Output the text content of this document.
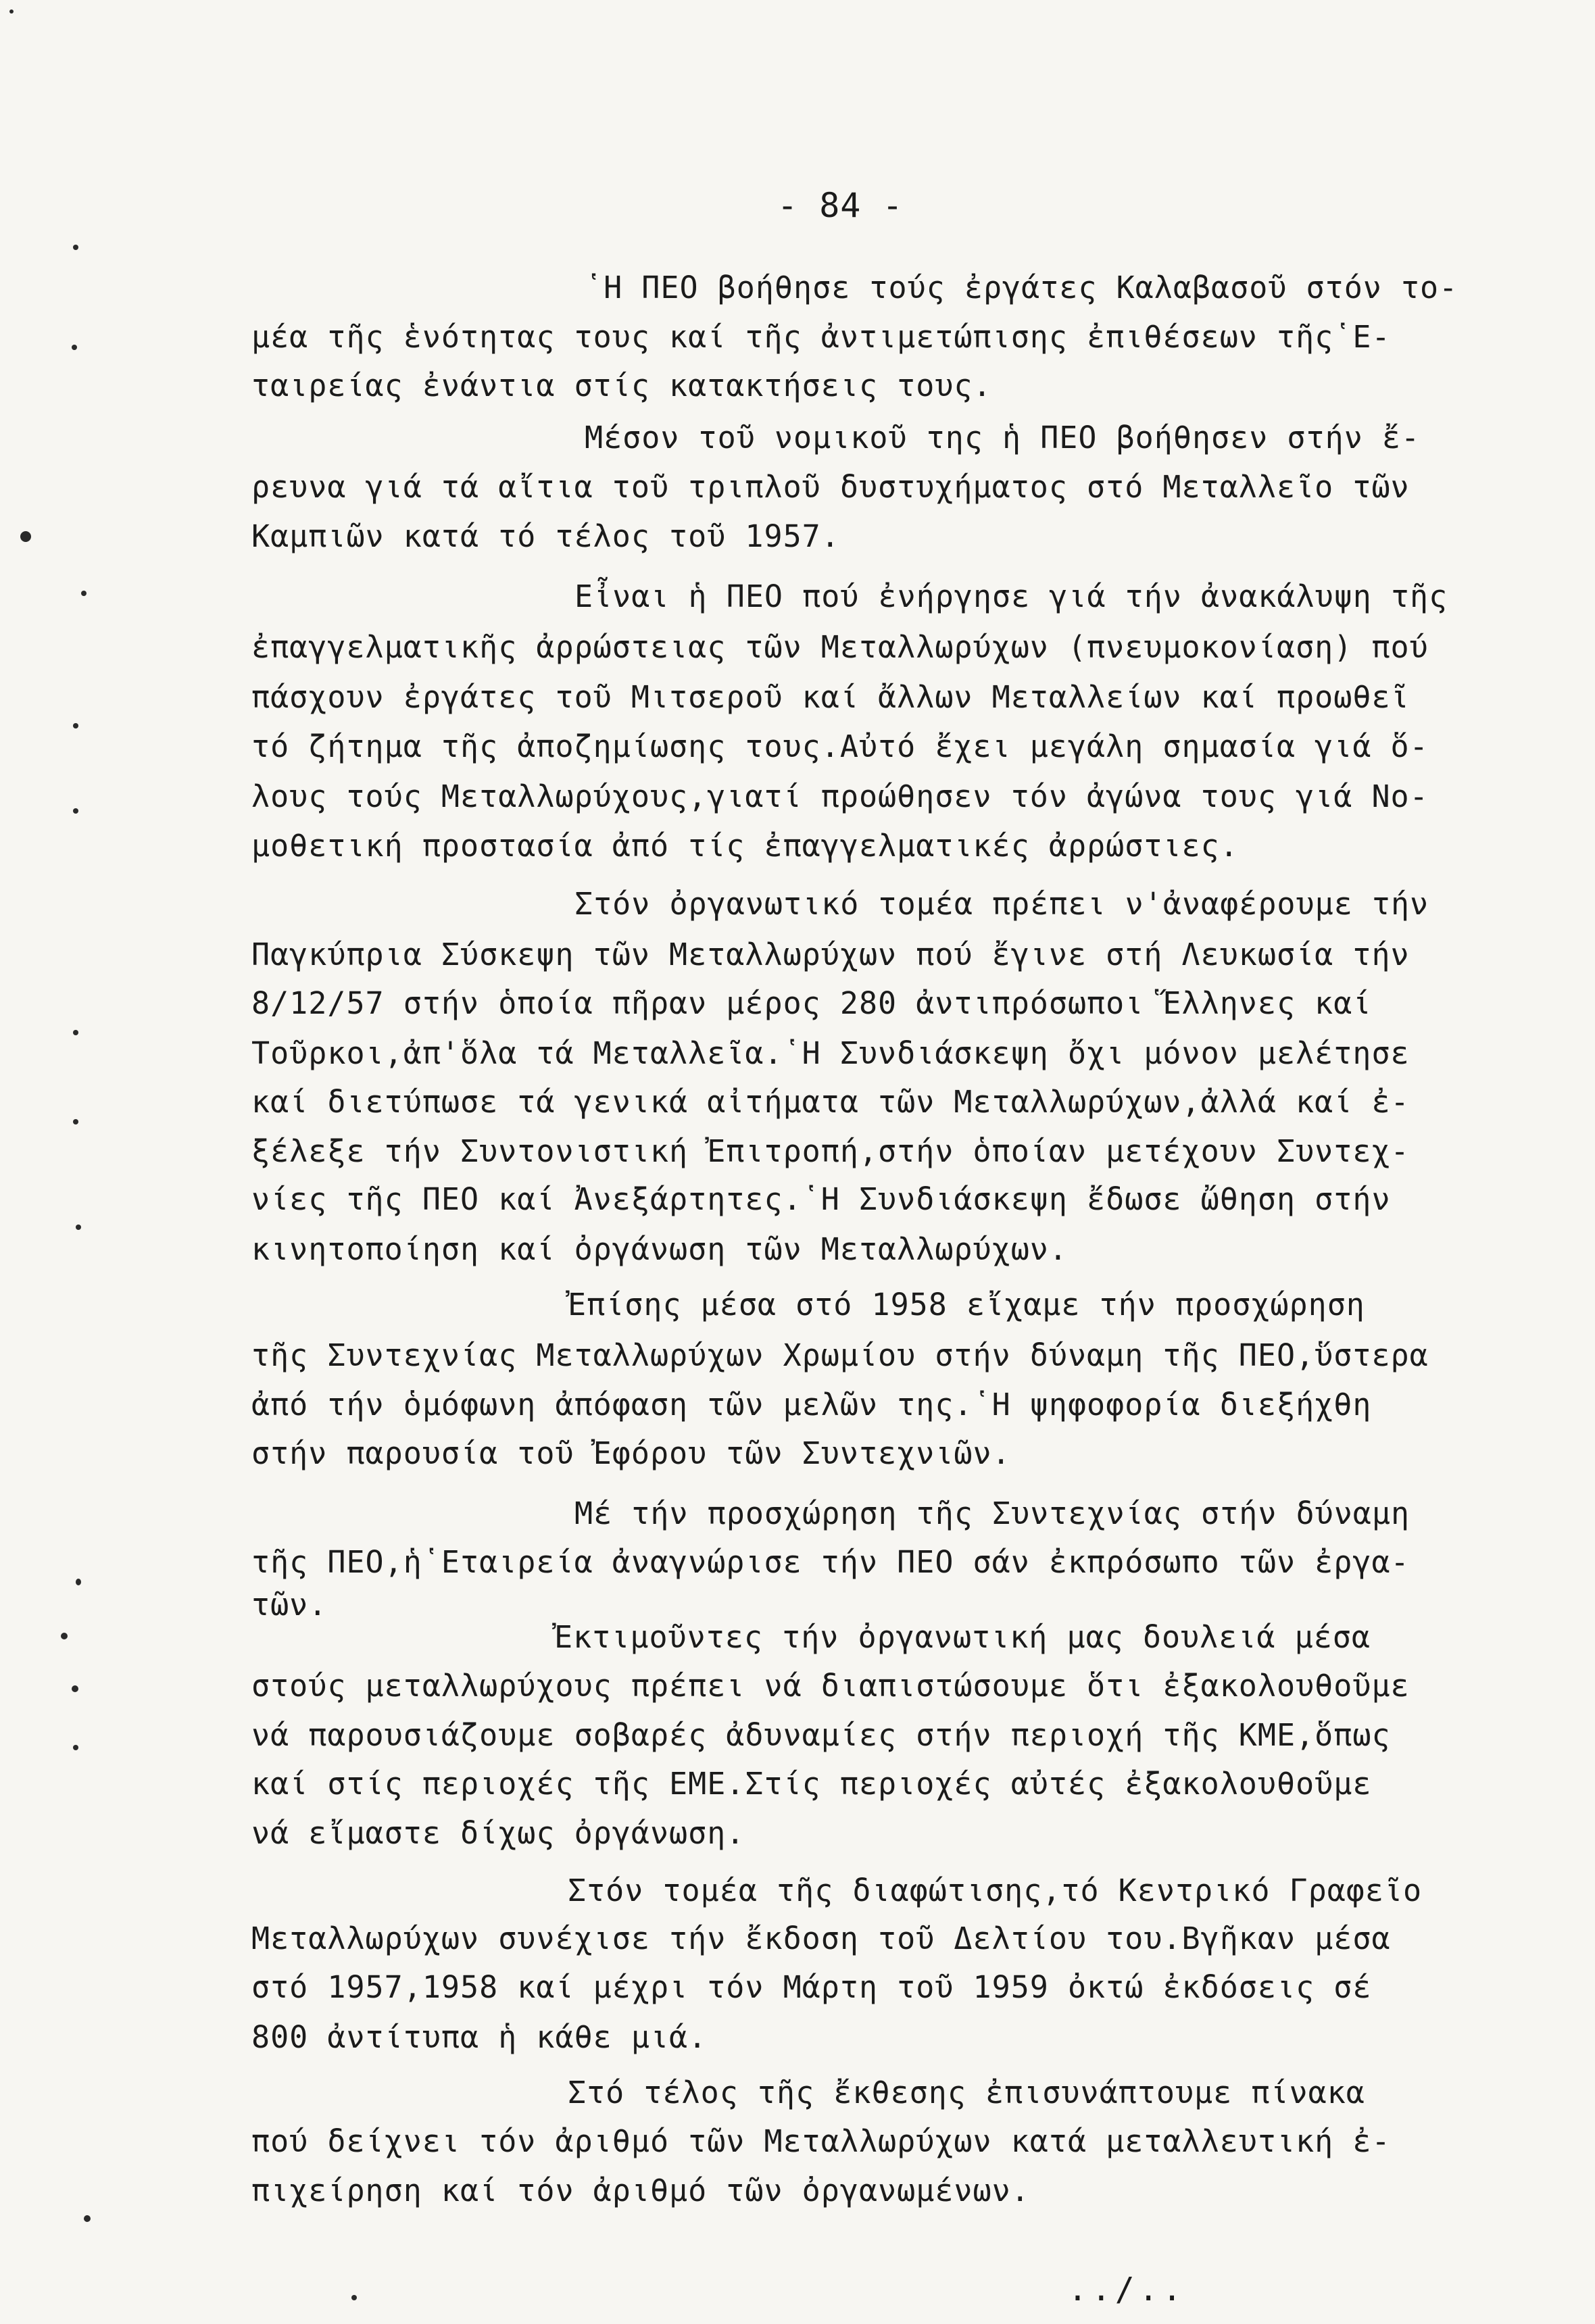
- 84 -
῾Η ΠΕΟ βοήθησε τούς ἐργάτες Καλαβασοῦ στόν το-
μέα τῆς ἑνότητας τους καί τῆς ἀντιμετώπισης ἐπιθέσεων τῆς῾Ε-
ταιρείας ἐνάντια στίς κατακτήσεις τους.
Μέσον τοῦ νομικοῦ της ἡ ΠΕΟ βοήθησεν στήν ἔ-
ρευνα γιά τά αἴτια τοῦ τριπλοῦ δυστυχήματος στό Μεταλλεῖο τῶν
Καμπιῶν κατά τό τέλος τοῦ 1957.
Εἶναι ἡ ΠΕΟ πού ἐνήργησε γιά τήν ἀνακάλυψη τῆς
ἐπαγγελματικῆς ἀρρώστειας τῶν Μεταλλωρύχων (πνευμοκονίαση) πού
πάσχουν ἐργάτες τοῦ Μιτσεροῦ καί ἄλλων Μεταλλείων καί προωθεῖ
τό ζήτημα τῆς ἀποζημίωσης τους.Αὐτό ἔχει μεγάλη σημασία γιά ὅ-
λους τούς Μεταλλωρύχους,γιατί προώθησεν τόν ἀγώνα τους γιά Νο-
μοθετική προστασία ἀπό τίς ἐπαγγελματικές ἀρρώστιες.
Στόν ὀργανωτικό τομέα πρέπει ν'ἀναφέρουμε τήν
Παγκύπρια Σύσκεψη τῶν Μεταλλωρύχων πού ἔγινε στή Λευκωσία τήν
8/12/57 στήν ὁποία πῆραν μέρος 280 ἀντιπρόσωποι Ἕλληνες καί
Τοῦρκοι,ἀπ'ὅλα τά Μεταλλεῖα.῾Η Συνδιάσκεψη ὄχι μόνον μελέτησε
καί διετύπωσε τά γενικά αἰτήματα τῶν Μεταλλωρύχων,ἀλλά καί ἐ-
ξέλεξε τήν Συντονιστική Ἐπιτροπή,στήν ὁποίαν μετέχουν Συντεχ-
νίες τῆς ΠΕΟ καί Ἀνεξάρτητες.῾Η Συνδιάσκεψη ἔδωσε ὤθηση στήν
κινητοποίηση καί ὀργάνωση τῶν Μεταλλωρύχων.
Ἐπίσης μέσα στό 1958 εἴχαμε τήν προσχώρηση
τῆς Συντεχνίας Μεταλλωρύχων Χρωμίου στήν δύναμη τῆς ΠΕΟ,ὕστερα
ἀπό τήν ὁμόφωνη ἀπόφαση τῶν μελῶν της.῾Η ψηφοφορία διεξήχθη
στήν παρουσία τοῦ Ἐφόρου τῶν Συντεχνιῶν.
Μέ τήν προσχώρηση τῆς Συντεχνίας στήν δύναμη
τῆς ΠΕΟ,ἡ῾Εταιρεία ἀναγνώρισε τήν ΠΕΟ σάν ἐκπρόσωπο τῶν ἐργα-
τῶν.
Ἐκτιμοῦντες τήν ὀργανωτική μας δουλειά μέσα
στούς μεταλλωρύχους πρέπει νά διαπιστώσουμε ὅτι ἐξακολουθοῦμε
νά παρουσιάζουμε σοβαρές ἀδυναμίες στήν περιοχή τῆς ΚΜΕ,ὅπως
καί στίς περιοχές τῆς ΕΜΕ.Στίς περιοχές αὐτές ἐξακολουθοῦμε
νά εἴμαστε δίχως ὀργάνωση.
Στόν τομέα τῆς διαφώτισης,τό Κεντρικό Γραφεῖο
Μεταλλωρύχων συνέχισε τήν ἔκδοση τοῦ Δελτίου του.Βγῆκαν μέσα
στό 1957,1958 καί μέχρι τόν Μάρτη τοῦ 1959 ὀκτώ ἐκδόσεις σέ
800 ἀντίτυπα ἡ κάθε μιά.
Στό τέλος τῆς ἔκθεσης ἐπισυνάπτουμε πίνακα
πού δείχνει τόν ἀριθμό τῶν Μεταλλωρύχων κατά μεταλλευτική ἐ-
πιχείρηση καί τόν ἀριθμό τῶν ὀργανωμένων.
../..
